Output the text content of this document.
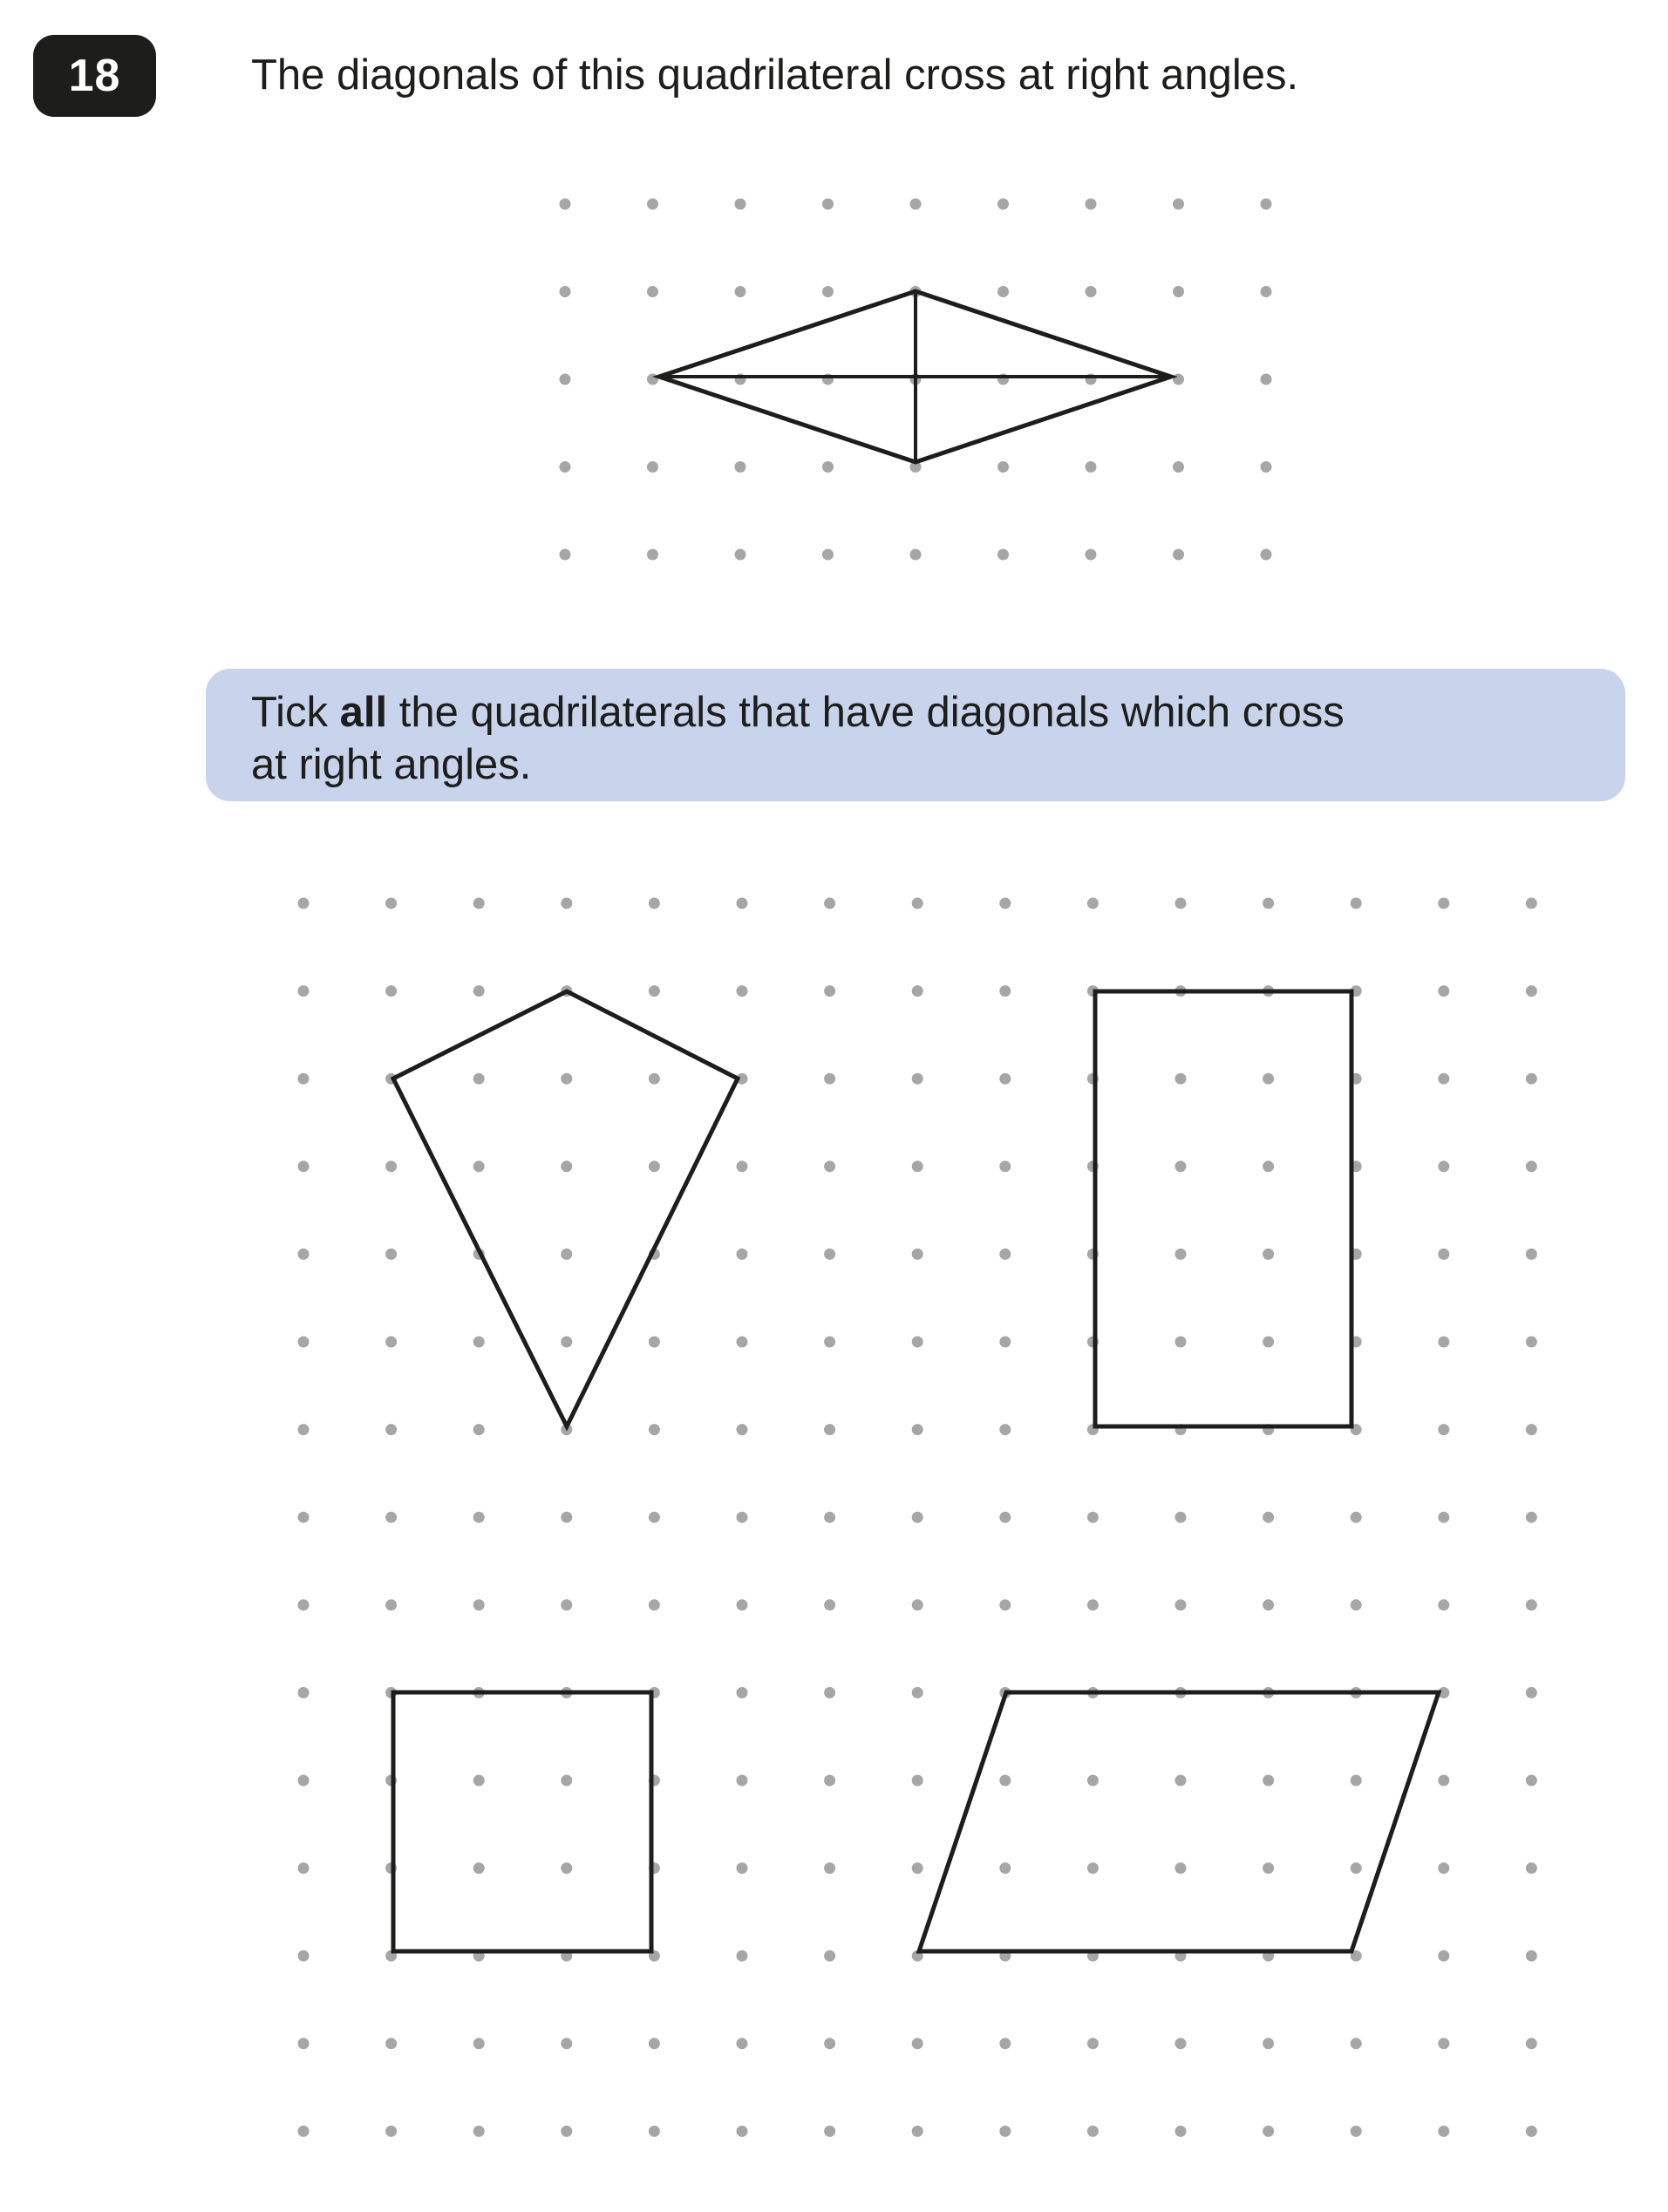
18	The diagonals of this quadrilateral cross at right angles.
Tick all the quadrilaterals that have diagonals which cross
at right angles.
